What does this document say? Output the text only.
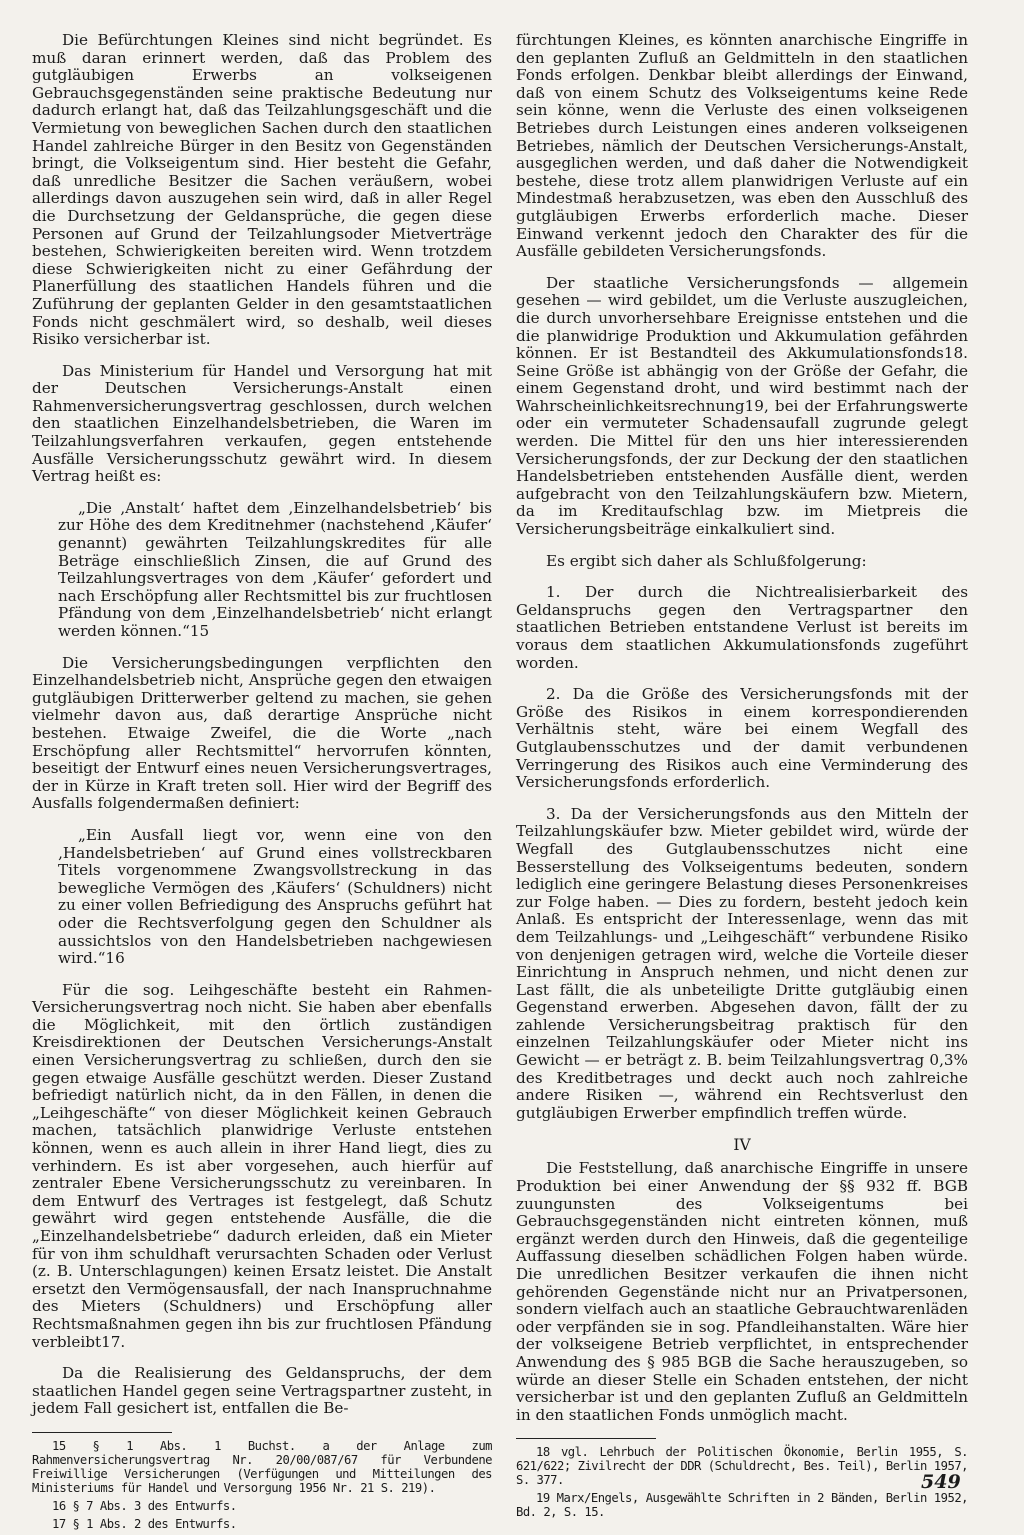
Die Befürchtungen Kleines sind nicht begründet. Es muß daran erinnert werden, daß das Problem des gutgläubigen Erwerbs an volkseigenen Gebrauchsgegenständen seine praktische Bedeutung nur dadurch erlangt hat, daß das Teilzahlungsgeschäft und die Vermietung von beweglichen Sachen durch den staatlichen Handel zahlreiche Bürger in den Besitz von Gegenständen bringt, die Volkseigentum sind. Hier besteht die Gefahr, daß unredliche Besitzer die Sachen veräußern, wobei allerdings davon auszugehen sein wird, daß in aller Regel die Durchsetzung der Geldansprüche, die gegen diese Personen auf Grund der Teilzahlungsoder Mietverträge bestehen, Schwierigkeiten bereiten wird. Wenn trotzdem diese Schwierigkeiten nicht zu einer Gefährdung der Planerfüllung des staatlichen Handels führen und die Zuführung der geplanten Gelder in den gesamtstaatlichen Fonds nicht geschmälert wird, so deshalb, weil dieses Risiko versicherbar ist.

Das Ministerium für Handel und Versorgung hat mit der Deutschen Versicherungs-Anstalt einen Rahmenversicherungsvertrag geschlossen, durch welchen den staatlichen Einzelhandelsbetrieben, die Waren im Teilzahlungsverfahren verkaufen, gegen entstehende Ausfälle Versicherungsschutz gewährt wird. In diesem Vertrag heißt es:

„Die ‚Anstalt‘ haftet dem ‚Einzelhandelsbetrieb‘ bis zur Höhe des dem Kreditnehmer (nachstehend ‚Käufer‘ genannt) gewährten Teilzahlungskredites für alle Beträge einschließlich Zinsen, die auf Grund des Teilzahlungsvertrages von dem ‚Käufer‘ gefordert und nach Erschöpfung aller Rechtsmittel bis zur fruchtlosen Pfändung von dem ‚Einzelhandelsbetrieb‘ nicht erlangt werden können.“15

Die Versicherungsbedingungen verpflichten den Einzelhandelsbetrieb nicht, Ansprüche gegen den etwaigen gutgläubigen Dritterwerber geltend zu machen, sie gehen vielmehr davon aus, daß derartige Ansprüche nicht bestehen. Etwaige Zweifel, die die Worte „nach Erschöpfung aller Rechtsmittel“ hervorrufen könnten, beseitigt der Entwurf eines neuen Versicherungsvertrages, der in Kürze in Kraft treten soll. Hier wird der Begriff des Ausfalls folgendermaßen definiert:

„Ein Ausfall liegt vor, wenn eine von den ‚Handelsbetrieben‘ auf Grund eines vollstreckbaren Titels vorgenommene Zwangsvollstreckung in das bewegliche Vermögen des ‚Käufers‘ (Schuldners) nicht zu einer vollen Befriedigung des Anspruchs geführt hat oder die Rechtsverfolgung gegen den Schuldner als aussichtslos von den Handelsbetrieben nachgewiesen wird.“16

Für die sog. Leihgeschäfte besteht ein Rahmen-Versicherungsvertrag noch nicht. Sie haben aber ebenfalls die Möglichkeit, mit den örtlich zuständigen Kreisdirektionen der Deutschen Versicherungs-Anstalt einen Versicherungsvertrag zu schließen, durch den sie gegen etwaige Ausfälle geschützt werden. Dieser Zustand befriedigt natürlich nicht, da in den Fällen, in denen die „Leihgeschäfte“ von dieser Möglichkeit keinen Gebrauch machen, tatsächlich planwidrige Verluste entstehen können, wenn es auch allein in ihrer Hand liegt, dies zu verhindern. Es ist aber vorgesehen, auch hierfür auf zentraler Ebene Versicherungsschutz zu vereinbaren. In dem Entwurf des Vertrages ist festgelegt, daß Schutz gewährt wird gegen entstehende Ausfälle, die die „Einzelhandelsbetriebe“ dadurch erleiden, daß ein Mieter für von ihm schuldhaft verursachten Schaden oder Verlust (z. B. Unterschlagungen) keinen Ersatz leistet. Die Anstalt ersetzt den Vermögensausfall, der nach Inanspruchnahme des Mieters (Schuldners) und Erschöpfung aller Rechtsmaßnahmen gegen ihn bis zur fruchtlosen Pfändung verbleibt17.

Da die Realisierung des Geldanspruchs, der dem staatlichen Handel gegen seine Vertragspartner zusteht, in jedem Fall gesichert ist, entfallen die Be-

15 § 1 Abs. 1 Buchst. a der Anlage zum Rahmenversicherungsvertrag Nr. 20/00/087/67 für Verbundene Freiwillige Versicherungen (Verfügungen und Mitteilungen des Ministeriums für Handel und Versorgung 1956 Nr. 21 S. 219).

16 § 7 Abs. 3 des Entwurfs.

17 § 1 Abs. 2 des Entwurfs.

fürchtungen Kleines, es könnten anarchische Eingriffe in den geplanten Zufluß an Geldmitteln in den staatlichen Fonds erfolgen. Denkbar bleibt allerdings der Einwand, daß von einem Schutz des Volkseigentums keine Rede sein könne, wenn die Verluste des einen volkseigenen Betriebes durch Leistungen eines anderen volkseigenen Betriebes, nämlich der Deutschen Versicherungs-Anstalt, ausgeglichen werden, und daß daher die Notwendigkeit bestehe, diese trotz allem planwidrigen Verluste auf ein Mindestmaß herabzusetzen, was eben den Ausschluß des gutgläubigen Erwerbs erforderlich mache. Dieser Einwand verkennt jedoch den Charakter des für die Ausfälle gebildeten Versicherungsfonds.

Der staatliche Versicherungsfonds — allgemein gesehen — wird gebildet, um die Verluste auszugleichen, die durch unvorhersehbare Ereignisse entstehen und die die planwidrige Produktion und Akkumulation gefährden können. Er ist Bestandteil des Akkumulationsfonds18. Seine Größe ist abhängig von der Größe der Gefahr, die einem Gegenstand droht, und wird bestimmt nach der Wahrscheinlichkeitsrechnung19, bei der Erfahrungswerte oder ein vermuteter Schadensaufall zugrunde gelegt werden. Die Mittel für den uns hier interessierenden Versicherungsfonds, der zur Deckung der den staatlichen Handelsbetrieben entstehenden Ausfälle dient, werden aufgebracht von den Teilzahlungskäufern bzw. Mietern, da im Kreditaufschlag bzw. im Mietpreis die Versicherungsbeiträge einkalkuliert sind.

Es ergibt sich daher als Schlußfolgerung:

1. Der durch die Nichtrealisierbarkeit des Geldanspruchs gegen den Vertragspartner den staatlichen Betrieben entstandene Verlust ist bereits im voraus dem staatlichen Akkumulationsfonds zugeführt worden.

2. Da die Größe des Versicherungsfonds mit der Größe des Risikos in einem korrespondierenden Verhältnis steht, wäre bei einem Wegfall des Gutglaubensschutzes und der damit verbundenen Verringerung des Risikos auch eine Verminderung des Versicherungsfonds erforderlich.

3. Da der Versicherungsfonds aus den Mitteln der Teilzahlungskäufer bzw. Mieter gebildet wird, würde der Wegfall des Gutglaubensschutzes nicht eine Besserstellung des Volkseigentums bedeuten, sondern lediglich eine geringere Belastung dieses Personenkreises zur Folge haben. — Dies zu fordern, besteht jedoch kein Anlaß. Es entspricht der Interessenlage, wenn das mit dem Teilzahlungs- und „Leihgeschäft“ verbundene Risiko von denjenigen getragen wird, welche die Vorteile dieser Einrichtung in Anspruch nehmen, und nicht denen zur Last fällt, die als unbeteiligte Dritte gutgläubig einen Gegenstand erwerben. Abgesehen davon, fällt der zu zahlende Versicherungsbeitrag praktisch für den einzelnen Teilzahlungskäufer oder Mieter nicht ins Gewicht — er beträgt z. B. beim Teilzahlungsvertrag 0,3% des Kreditbetrages und deckt auch noch zahlreiche andere Risiken —, während ein Rechtsverlust den gutgläubigen Erwerber empfindlich treffen würde.

IV

Die Feststellung, daß anarchische Eingriffe in unsere Produktion bei einer Anwendung der §§ 932 ff. BGB zuungunsten des Volkseigentums bei Gebrauchsgegenständen nicht eintreten können, muß ergänzt werden durch den Hinweis, daß die gegenteilige Auffassung dieselben schädlichen Folgen haben würde. Die unredlichen Besitzer verkaufen die ihnen nicht gehörenden Gegenstände nicht nur an Privatpersonen, sondern vielfach auch an staatliche Gebrauchtwarenläden oder verpfänden sie in sog. Pfandleihanstalten. Wäre hier der volkseigene Betrieb verpflichtet, in entsprechender Anwendung des § 985 BGB die Sache herauszugeben, so würde an dieser Stelle ein Schaden entstehen, der nicht versicherbar ist und den geplanten Zufluß an Geldmitteln in den staatlichen Fonds unmöglich macht.

18 vgl. Lehrbuch der Politischen Ökonomie, Berlin 1955, S. 621/622; Zivilrecht der DDR (Schuldrecht, Bes. Teil), Berlin 1957, S. 377.

19 Marx/Engels, Ausgewählte Schriften in 2 Bänden, Berlin 1952, Bd. 2, S. 15.

549
